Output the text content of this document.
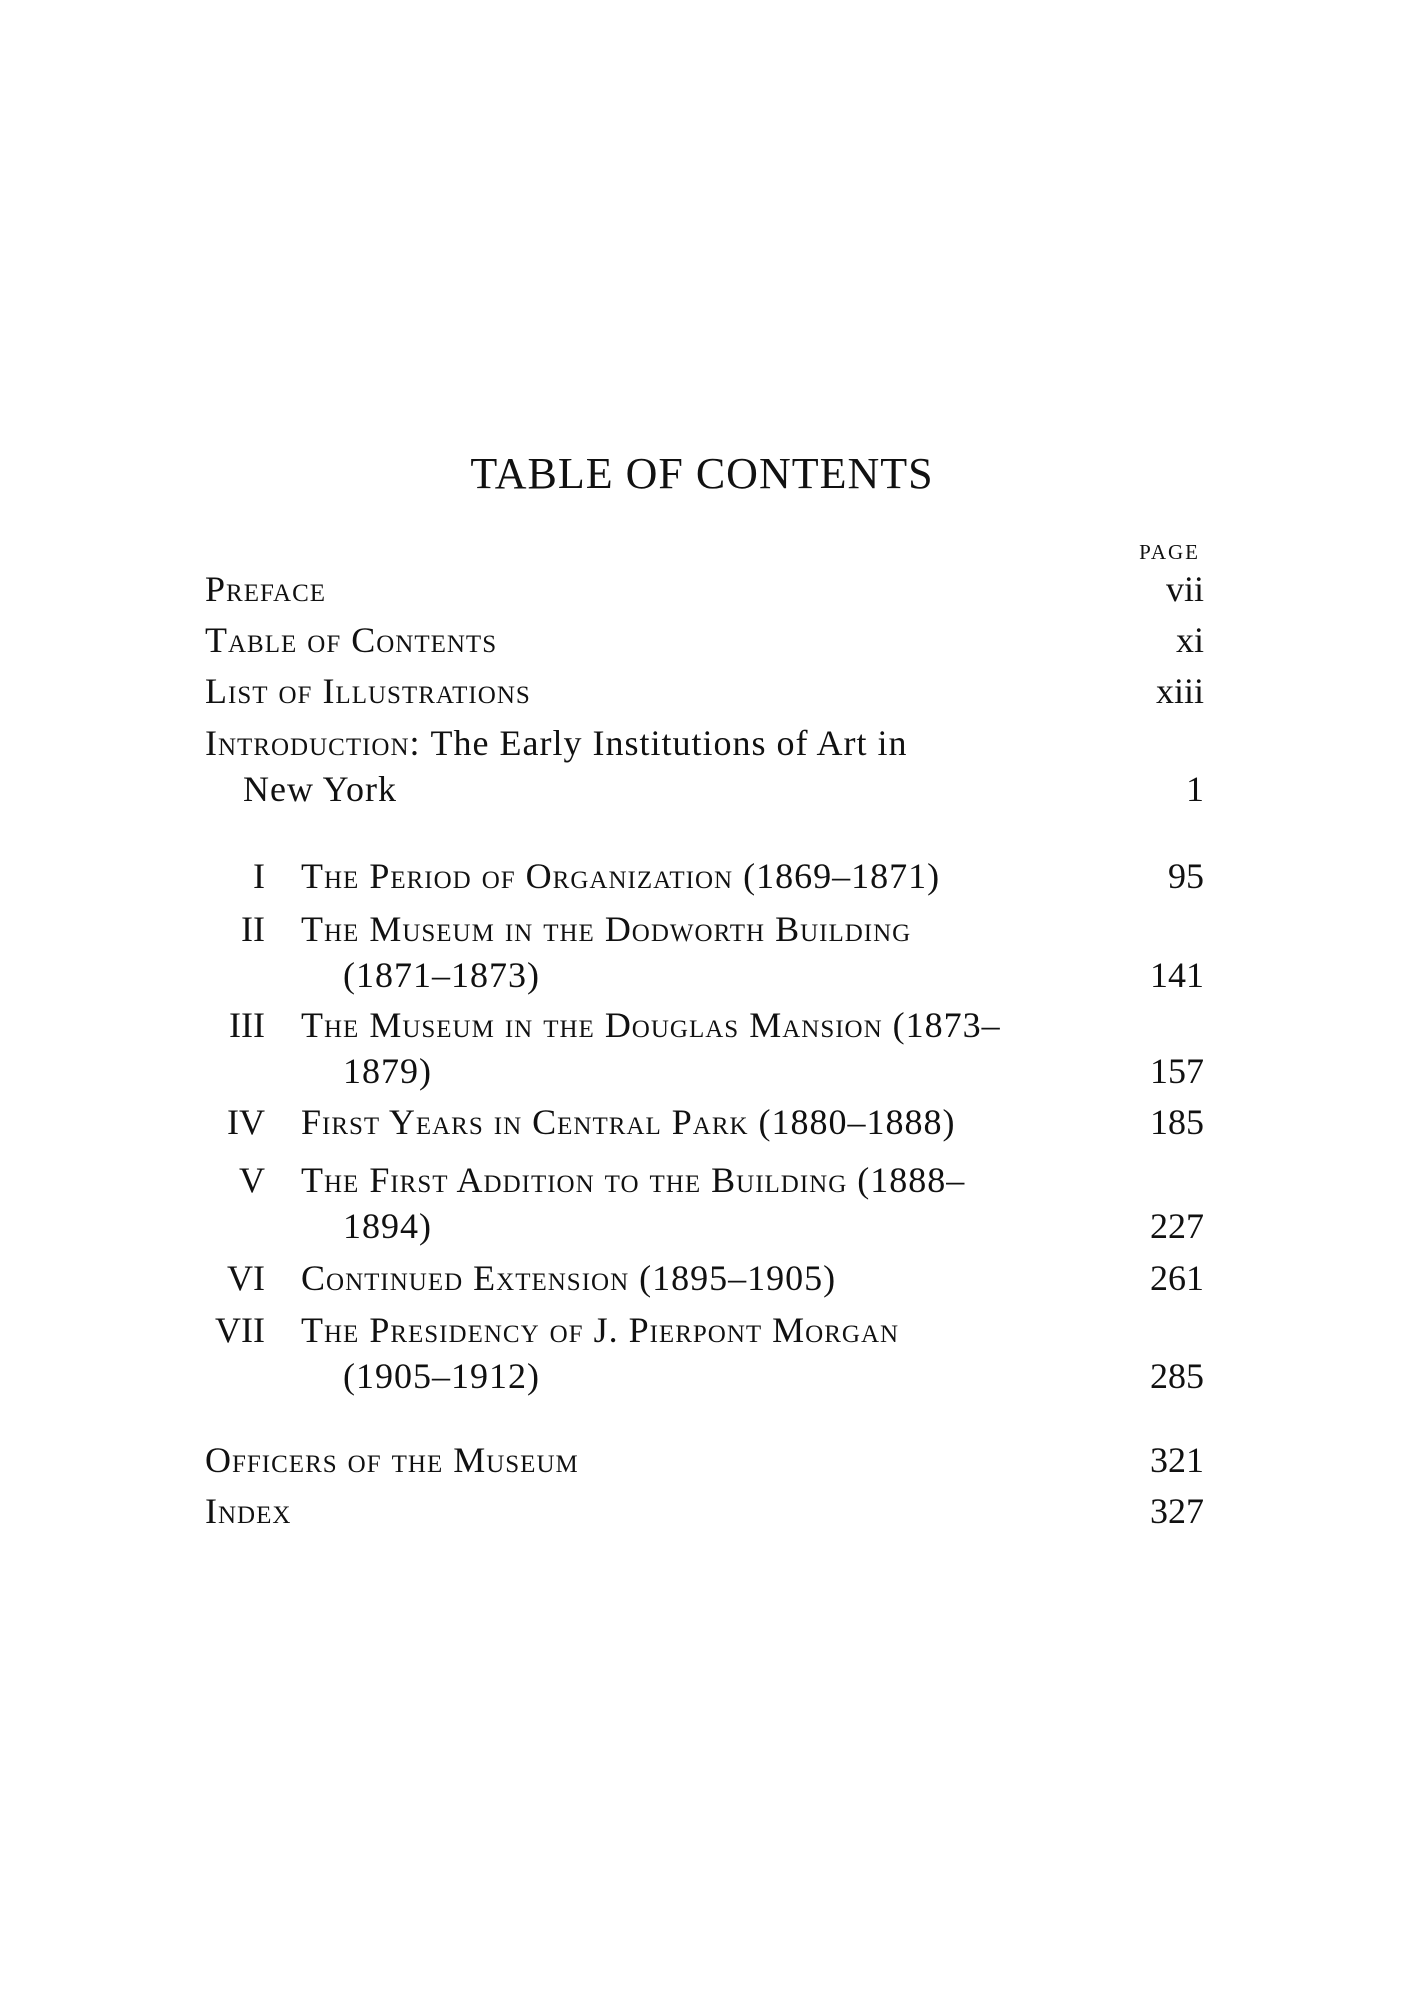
TABLE OF CONTENTS
PAGE
Preface	vii
Table of Contents	xi
List of Illustrations	xiii
Introduction: The Early Institutions of Art in
New York	1
I The Period of Organization (1869–1871)	95
II The Museum in the Dodworth Building
(1871–1873)	141
III The Museum in the Douglas Mansion (1873–
1879)	157
IV First Years in Central Park (1880–1888)	185
V The First Addition to the Building (1888–
1894)	227
VI Continued Extension (1895–1905)	261
VII The Presidency of J. Pierpont Morgan
(1905–1912)	285
Officers of the Museum	321
Index	327
